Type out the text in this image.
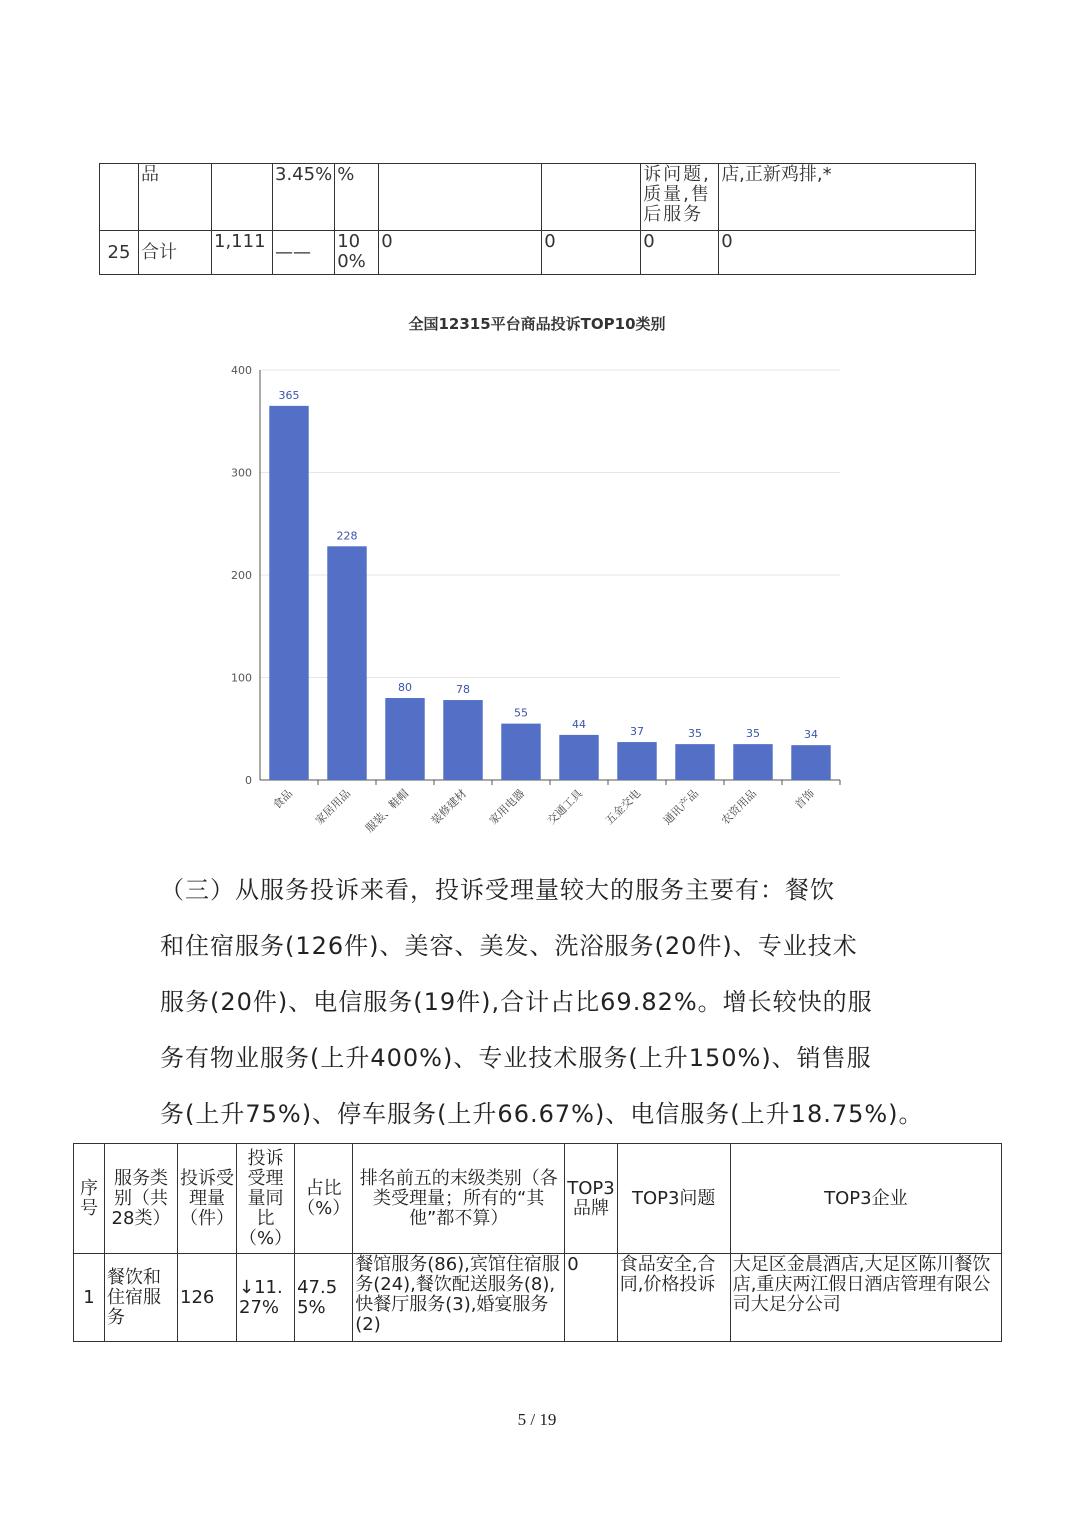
	品		3.45%	%			诉问题,质量,售后服务	店,正新鸡排,*
25	合计	1,111	——	100%	0	0	0	0
全国12315平台商品投诉TOP10类别
0
100
200
300
400
365
食品
228
家居用品
80
服装、鞋帽
78
装修建材
55
家用电器
44
交通工具
37
五金交电
35
通讯产品
35
农资用品
34
首饰
（三）从服务投诉来看，投诉受理量较大的服务主要有：餐饮
和住宿服务(126件)、美容、美发、洗浴服务(20件)、专业技术
服务(20件)、电信服务(19件),合计占比69.82%。增长较快的服
务有物业服务(上升400%)、专业技术服务(上升150%)、销售服
务(上升75%)、停车服务(上升66.67%)、电信服务(上升18.75%)。
序号	服务类别（共28类）	投诉受理量（件）	投诉受理量同比（%）	占比（%）	排名前五的末级类别（各类受理量；所有的“其他”都不算）	TOP3品牌	TOP3问题	TOP3企业
1	餐饮和住宿服务	126	↓11.27%	47.55%	餐馆服务(86),宾馆住宿服务(24),餐饮配送服务(8),快餐厅服务(3),婚宴服务(2)	0	食品安全,合同,价格投诉	大足区金晨酒店,大足区陈川餐饮店,重庆两江假日酒店管理有限公司大足分公司
5 / 19
